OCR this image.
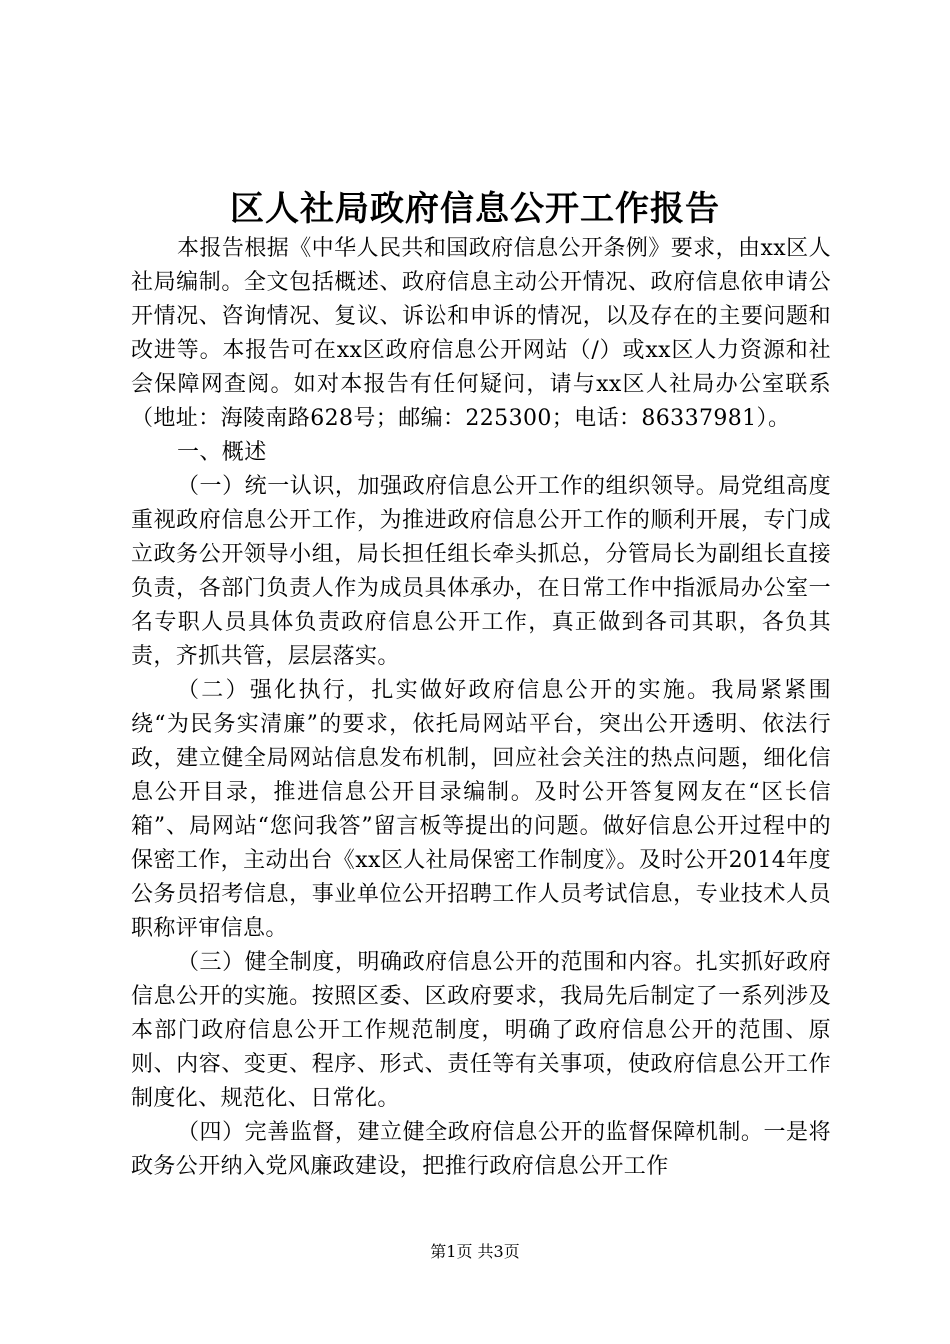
区人社局政府信息公开工作报告

本报告根据《中华人民共和国政府信息公开条例》要求，由xx区人社局编制。全文包括概述、政府信息主动公开情况、政府信息依申请公开情况、咨询情况、复议、诉讼和申诉的情况，以及存在的主要问题和改进等。本报告可在xx区政府信息公开网站（/）或xx区人力资源和社会保障网查阅。如对本报告有任何疑问，请与xx区人社局办公室联系（地址：海陵南路628号；邮编：225300；电话：86337981）。

一、概述

（一）统一认识，加强政府信息公开工作的组织领导。局党组高度重视政府信息公开工作，为推进政府信息公开工作的顺利开展，专门成立政务公开领导小组，局长担任组长牵头抓总，分管局长为副组长直接负责，各部门负责人作为成员具体承办，在日常工作中指派局办公室一名专职人员具体负责政府信息公开工作，真正做到各司其职，各负其责，齐抓共管，层层落实。

（二）强化执行，扎实做好政府信息公开的实施。我局紧紧围绕“为民务实清廉”的要求，依托局网站平台，突出公开透明、依法行政，建立健全局网站信息发布机制，回应社会关注的热点问题，细化信息公开目录，推进信息公开目录编制。及时公开答复网友在“区长信箱”、局网站“您问我答”留言板等提出的问题。做好信息公开过程中的保密工作，主动出台《xx区人社局保密工作制度》。及时公开2014年度公务员招考信息，事业单位公开招聘工作人员考试信息，专业技术人员职称评审信息。

（三）健全制度，明确政府信息公开的范围和内容。扎实抓好政府信息公开的实施。按照区委、区政府要求，我局先后制定了一系列涉及本部门政府信息公开工作规范制度，明确了政府信息公开的范围、原则、内容、变更、程序、形式、责任等有关事项，使政府信息公开工作制度化、规范化、日常化。

（四）完善监督，建立健全政府信息公开的监督保障机制。一是将政务公开纳入党风廉政建设，把推行政府信息公开工作

第1页 共3页
